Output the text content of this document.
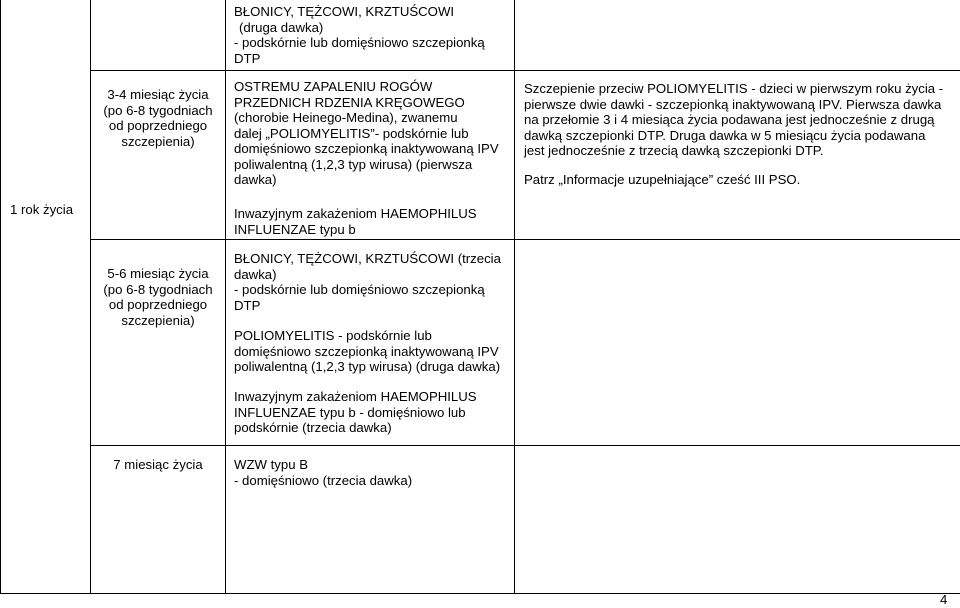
1 rok życia
BŁONICY, TĘŻCOWI, KRZTUŚCOWI
(druga dawka)
- podskórnie lub domięśniowo szczepionką
DTP
3-4 miesiąc życia
(po 6-8 tygodniach
od poprzedniego
szczepienia)
OSTREMU ZAPALENIU ROGÓW
PRZEDNICH RDZENIA KRĘGOWEGO
(chorobie Heinego-Medina), zwanemu
dalej „POLIOMYELITIS”- podskórnie lub
domięśniowo szczepionką inaktywowaną IPV
poliwalentną (1,2,3 typ wirusa) (pierwsza
dawka)
Inwazyjnym zakażeniom HAEMOPHILUS
INFLUENZAE typu b
Szczepienie przeciw POLIOMYELITIS - dzieci w pierwszym roku życia -
pierwsze dwie dawki - szczepionką inaktywowaną IPV. Pierwsza dawka
na przełomie 3 i 4 miesiąca życia podawana jest jednocześnie z drugą
dawką szczepionki DTP. Druga dawka w 5 miesiącu życia podawana
jest jednocześnie z trzecią dawką szczepionki DTP.
Patrz „Informacje uzupełniające” cześć III PSO.
5-6 miesiąc życia
(po 6-8 tygodniach
od poprzedniego
szczepienia)
BŁONICY, TĘŻCOWI, KRZTUŚCOWI (trzecia
dawka)
- podskórnie lub domięśniowo szczepionką
DTP
POLIOMYELITIS - podskórnie lub
domięśniowo szczepionką inaktywowaną IPV
poliwalentną (1,2,3 typ wirusa) (druga dawka)
Inwazyjnym zakażeniom HAEMOPHILUS
INFLUENZAE typu b - domięśniowo lub
podskórnie (trzecia dawka)
7 miesiąc życia	WZW typu B
- domięśniowo (trzecia dawka)
4
